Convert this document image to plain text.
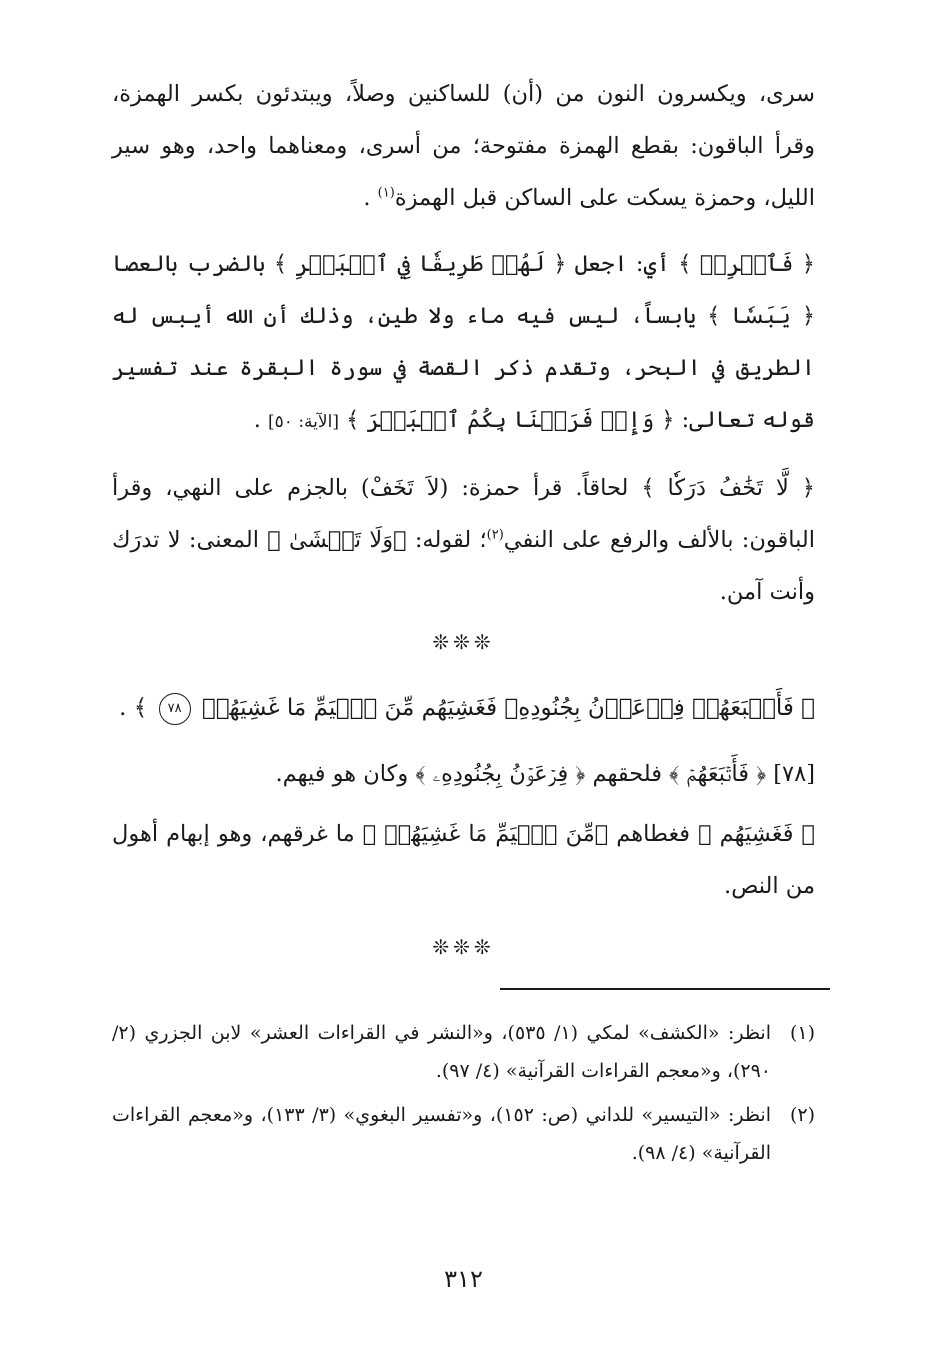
سرى، ويكسرون النون من (أن) للساكنين وصلاً، ويبتدئون بكسر الهمزة، وقرأ الباقون: بقطع الهمزة مفتوحة؛ من أسرى، ومعناهما واحد، وهو سير الليل، وحمزة يسكت على الساكن قبل الهمزة$^{(١)}$ .

﴿ فَٱضۡرِبۡ ﴾ أي: اجعل ﴿ لَهُمۡ طَرِيقٗا فِي ٱلۡبَحۡرِ ﴾ بالضرب بالعصا ﴿ يَبَسٗا ﴾ يابساً، ليس فيه ماء ولا طين، وذلك أن الله أيبس له الطريق في البحر، وتقدم ذكر القصة في سورة البقرة عند تفسير قوله تعالى: ﴿ وَإِذۡ فَرَقۡنَا بِكُمُ ٱلۡبَحۡرَ ﴾ [الآية: ٥٠] .

﴿ لَّا تَخَٰفُ دَرَكٗا ﴾ لحاقاً. قرأ حمزة: (لاَ تَخَفْ) بالجزم على النهي، وقرأ الباقون: بالألف والرفع على النفي$^{(٢)}$؛ لقوله: ﴿وَلَا تَخۡشَىٰ ﴾ المعنى: لا تدرَك وأنت آمن.

❊❊❊
﴿ فَأَتۡبَعَهُمۡ فِرۡعَوۡنُ بِجُنُودِهِۦ فَغَشِيَهُم مِّنَ ٱلۡيَمِّ مَا غَشِيَهُمۡ ٧٨ ﴾ .

[٧٨] ﴿ فَأَتۡبَعَهُمۡ ﴾ فلحقهم ﴿ فِرۡعَوۡنُ بِجُنُودِهِۦ ﴾ وكان هو فيهم.

﴿ فَغَشِيَهُم ﴾ فغطاهم ﴿مِّنَ ٱلۡيَمِّ مَا غَشِيَهُمۡ ﴾ ما غرقهم، وهو إبهام أهول من النص.

❊❊❊
(١)
انظر: «الكشف» لمكي (١/ ٥٣٥)، و«النشر في القراءات العشر» لابن الجزري (٢/ ٢٩٠)، و«معجم القراءات القرآنية» (٤/ ٩٧).
(٢)
انظر: «التيسير» للداني (ص: ١٥٢)، و«تفسير البغوي» (٣/ ١٣٣)، و«معجم القراءات القرآنية» (٤/ ٩٨).
٣١٢
